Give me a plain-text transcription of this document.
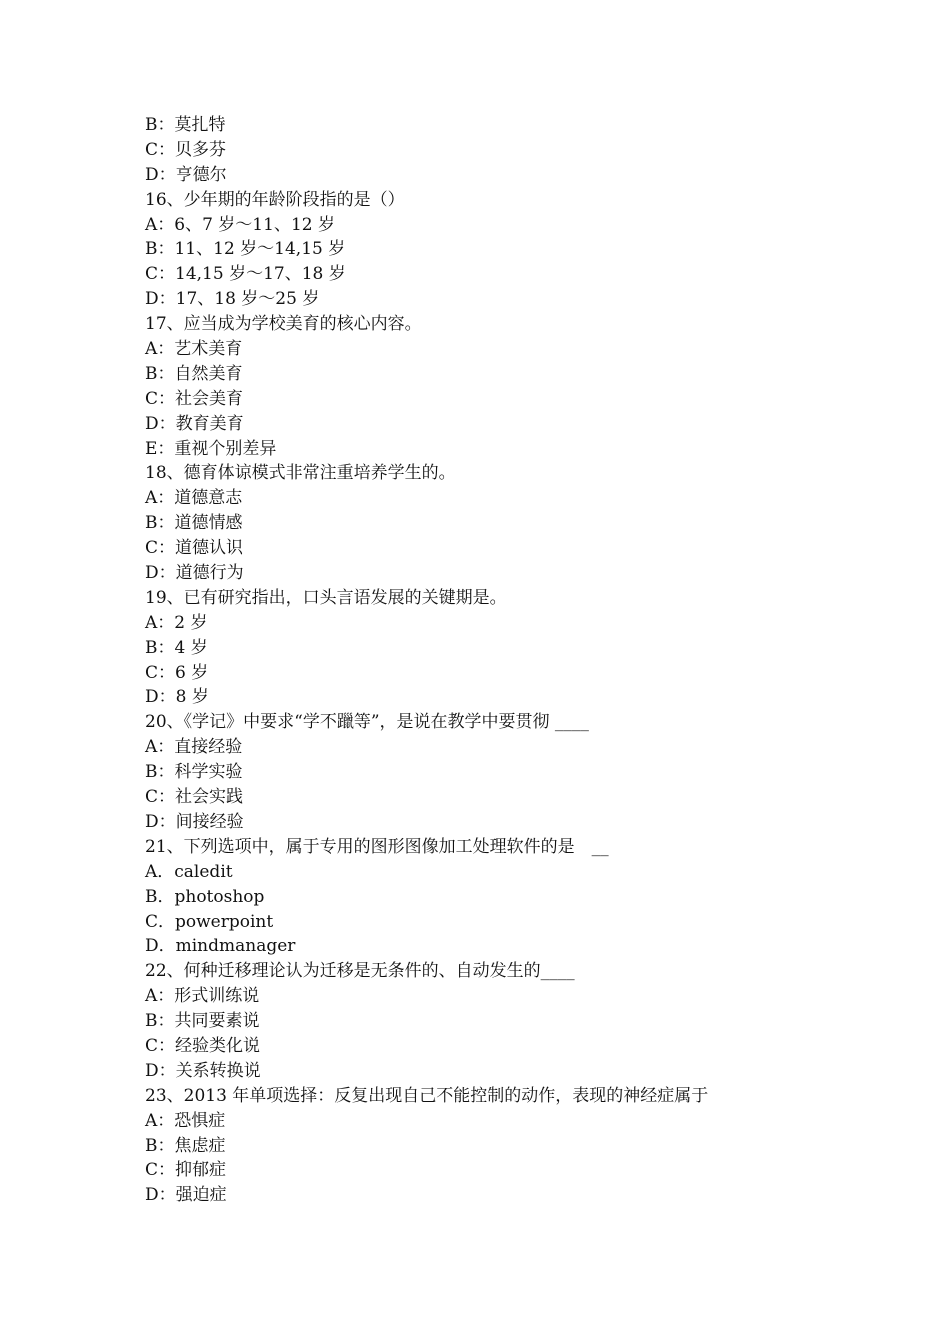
B：莫扎特
C：贝多芬
D：亨德尔
16、少年期的年龄阶段指的是（）
A：6、7 岁～11、12 岁
B：11、12 岁～14,15 岁
C：14,15 岁～17、18 岁
D：17、18 岁～25 岁
17、应当成为学校美育的核心内容。
A：艺术美育
B：自然美育
C：社会美育
D：教育美育
E：重视个别差异
18、德育体谅模式非常注重培养学生的。
A：道德意志
B：道德情感
C：道德认识
D：道德行为
19、已有研究指出，口头言语发展的关键期是。
A：2 岁
B：4 岁
C：6 岁
D：8 岁
20、《学记》中要求“学不躐等”，是说在教学中要贯彻 ____
A：直接经验
B：科学实验
C：社会实践
D：间接经验
21、下列选项中，属于专用的图形图像加工处理软件的是　__
A．caledit
B．photoshop
C．powerpoint
D．mindmanager
22、何种迁移理论认为迁移是无条件的、自动发生的____
A：形式训练说
B：共同要素说
C：经验类化说
D：关系转换说
23、2013 年单项选择：反复出现自己不能控制的动作，表现的神经症属于
A：恐惧症
B：焦虑症
C：抑郁症
D：强迫症
